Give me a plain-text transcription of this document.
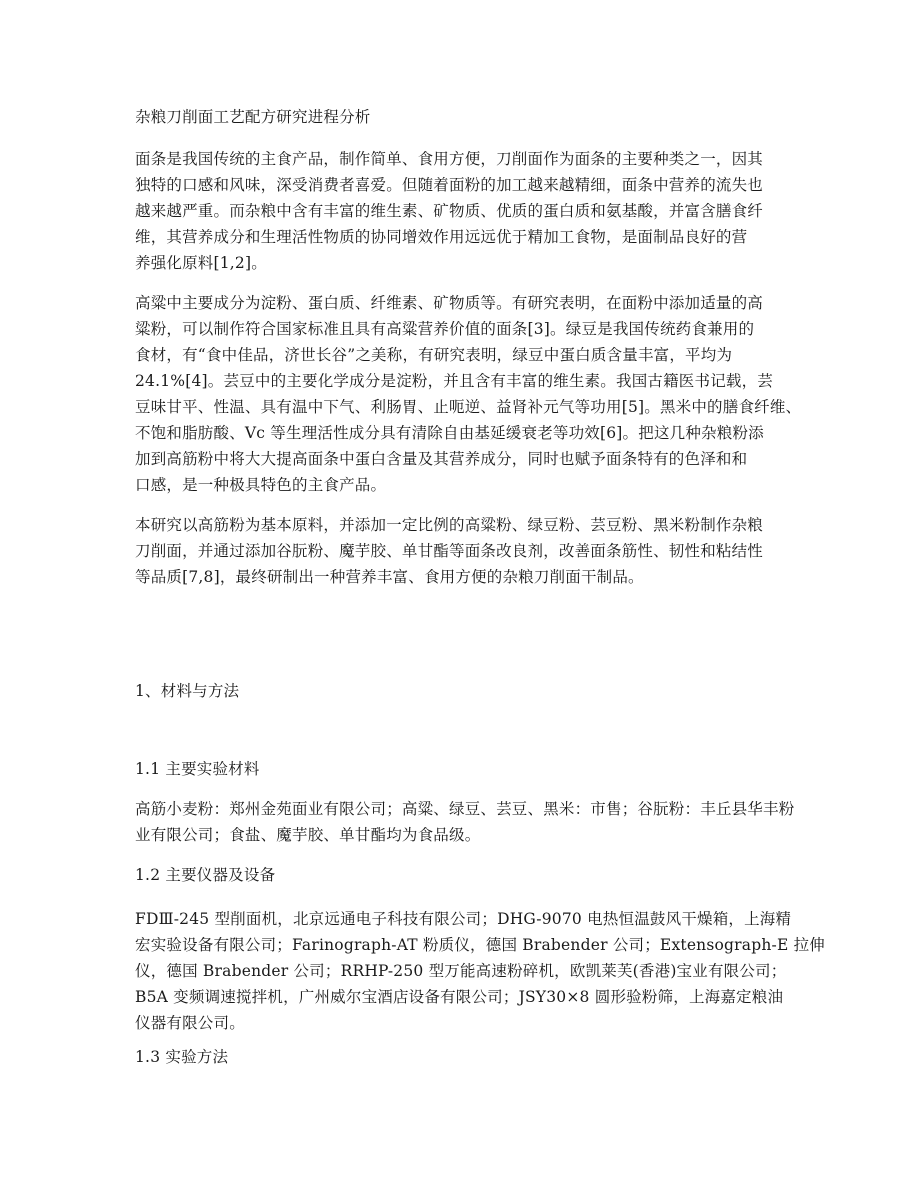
杂粮刀削面工艺配方研究进程分析
面条是我国传统的主食产品，制作简单、食用方便，刀削面作为面条的主要种类之一，因其
独特的口感和风味，深受消费者喜爱。但随着面粉的加工越来越精细，面条中营养的流失也
越来越严重。而杂粮中含有丰富的维生素、矿物质、优质的蛋白质和氨基酸，并富含膳食纤
维，其营养成分和生理活性物质的协同增效作用远远优于精加工食物，是面制品良好的营
养强化原料[1,2]。
高粱中主要成分为淀粉、蛋白质、纤维素、矿物质等。有研究表明，在面粉中添加适量的高
粱粉，可以制作符合国家标准且具有高粱营养价值的面条[3]。绿豆是我国传统药食兼用的
食材，有“食中佳品，济世长谷”之美称，有研究表明，绿豆中蛋白质含量丰富，平均为
24.1%[4]。芸豆中的主要化学成分是淀粉，并且含有丰富的维生素。我国古籍医书记载，芸
豆味甘平、性温、具有温中下气、利肠胃、止呃逆、益肾补元气等功用[5]。黑米中的膳食纤维、
不饱和脂肪酸、Vc 等生理活性成分具有清除自由基延缓衰老等功效[6]。把这几种杂粮粉添
加到高筋粉中将大大提高面条中蛋白含量及其营养成分，同时也赋予面条特有的色泽和和
口感，是一种极具特色的主食产品。
本研究以高筋粉为基本原料，并添加一定比例的高粱粉、绿豆粉、芸豆粉、黑米粉制作杂粮
刀削面，并通过添加谷朊粉、魔芋胶、单甘酯等面条改良剂，改善面条筋性、韧性和粘结性
等品质[7,8]，最终研制出一种营养丰富、食用方便的杂粮刀削面干制品。
1、材料与方法
1.1 主要实验材料
高筋小麦粉：郑州金苑面业有限公司；高粱、绿豆、芸豆、黑米：市售；谷朊粉：丰丘县华丰粉
业有限公司；食盐、魔芋胶、单甘酯均为食品级。
1.2 主要仪器及设备
FDⅢ-245 型削面机，北京远通电子科技有限公司；DHG-9070 电热恒温鼓风干燥箱，上海精
宏实验设备有限公司；Farinograph-AT 粉质仪，德国 Brabender 公司；Extensograph-E 拉伸
仪，德国 Brabender 公司；RRHP-250 型万能高速粉碎机，欧凯莱芙(香港)宝业有限公司；
B5A 变频调速搅拌机，广州威尔宝酒店设备有限公司；JSY30×8 圆形验粉筛，上海嘉定粮油
仪器有限公司。
1.3 实验方法
